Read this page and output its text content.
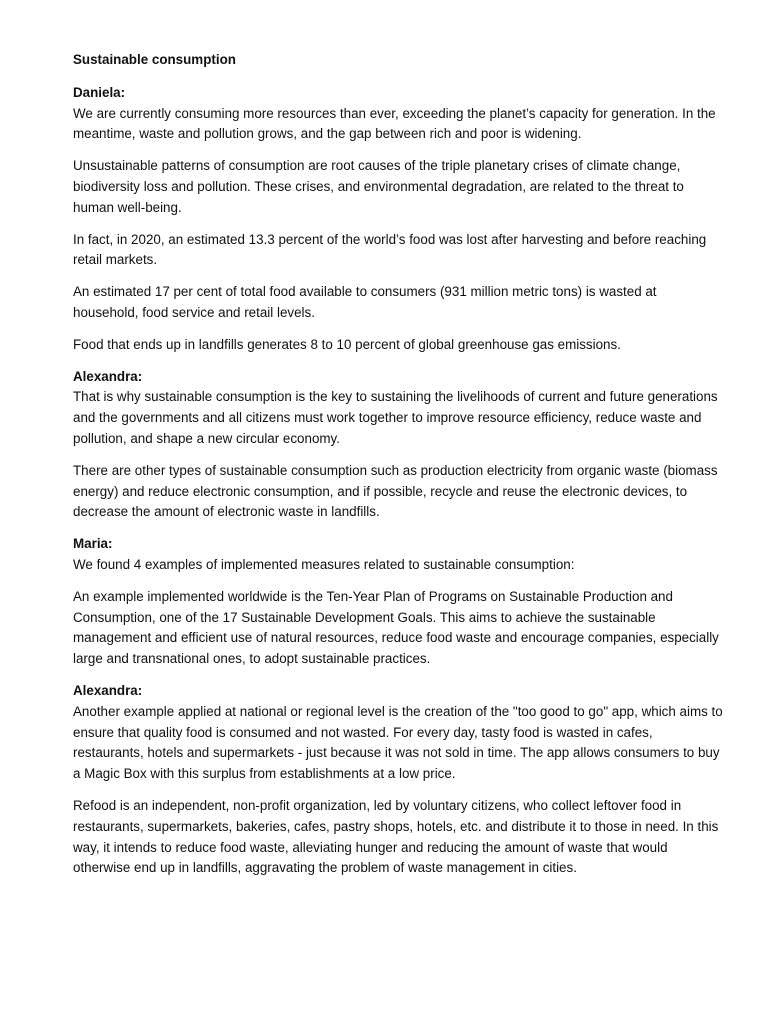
Sustainable consumption

Daniela:

We are currently consuming more resources than ever, exceeding the planet’s capacity for generation. In the meantime, waste and pollution grows, and the gap between rich and poor is widening.

Unsustainable patterns of consumption are root causes of the triple planetary crises of climate change, biodiversity loss and pollution. These crises, and environmental degradation, are related to the threat to human well-being.

In fact, in 2020, an estimated 13.3 percent of the world’s food was lost after harvesting and before reaching retail markets.

An estimated 17 per cent of total food available to consumers (931 million metric tons) is wasted at household, food service and retail levels.

Food that ends up in landfills generates 8 to 10 percent of global greenhouse gas emissions.

Alexandra:

That is why sustainable consumption is the key to sustaining the livelihoods of current and future generations and the governments and all citizens must work together to improve resource efficiency, reduce waste and pollution, and shape a new circular economy.

There are other types of sustainable consumption such as production electricity from organic waste (biomass energy) and reduce electronic consumption, and if possible, recycle and reuse the electronic devices, to decrease the amount of electronic waste in landfills.

Maria:

We found 4 examples of implemented measures related to sustainable consumption:

An example implemented worldwide is the Ten-Year Plan of Programs on Sustainable Production and Consumption, one of the 17 Sustainable Development Goals. This aims to achieve the sustainable management and efficient use of natural resources, reduce food waste and encourage companies, especially large and transnational ones, to adopt sustainable practices.

Alexandra:

Another example applied at national or regional level is the creation of the "too good to go" app, which aims to ensure that quality food is consumed and not wasted. For every day, tasty food is wasted in cafes, restaurants, hotels and supermarkets - just because it was not sold in time. The app allows consumers to buy a Magic Box with this surplus from establishments at a low price.

Refood is an independent, non-profit organization, led by voluntary citizens, who collect leftover food in restaurants, supermarkets, bakeries, cafes, pastry shops, hotels, etc. and distribute it to those in need. In this way, it intends to reduce food waste, alleviating hunger and reducing the amount of waste that would otherwise end up in landfills, aggravating the problem of waste management in cities.
